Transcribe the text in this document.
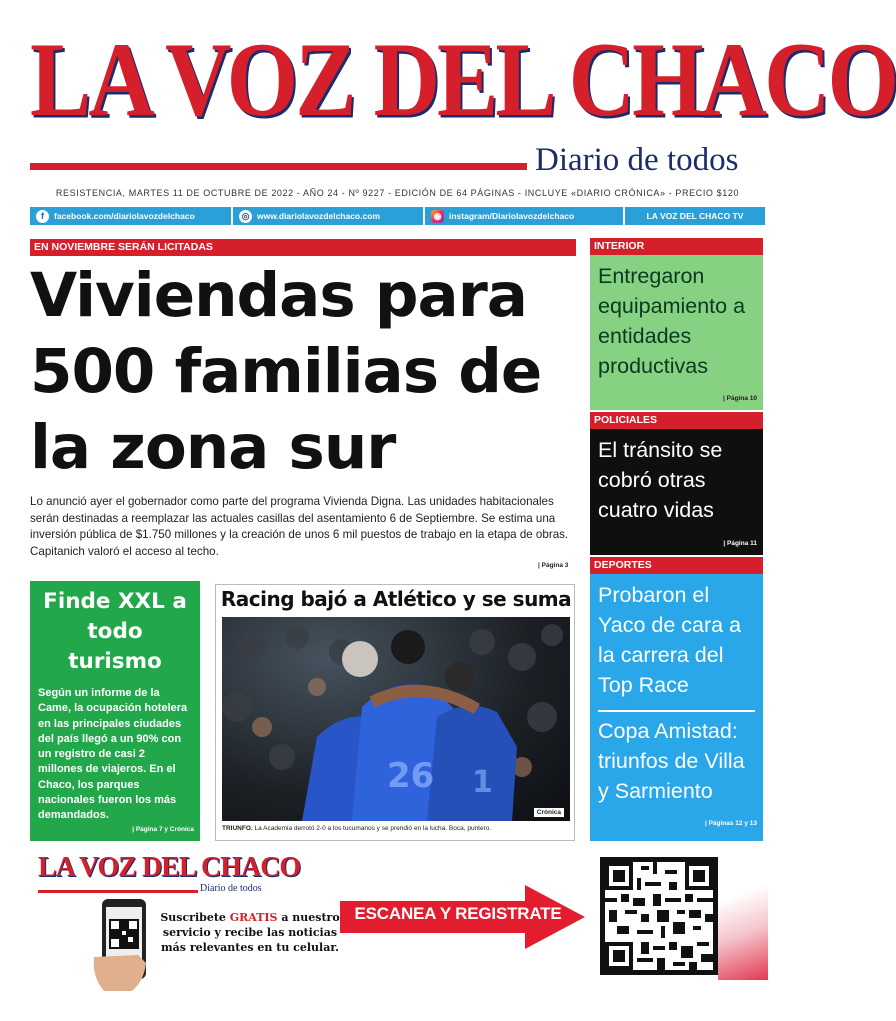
LA VOZ DEL CHACO
Diario de todos
RESISTENCIA, MARTES 11 DE OCTUBRE DE 2022 - AÑO 24 - Nº 9227 - EDICIÓN DE 64 PÁGINAS - INCLUYE «DIARIO CRÓNICA» - PRECIO $120
f	facebook.com/diariolavozdelchaco	◎ www.diariolavozdelchaco.com	◉ instagram/Diariolavozdelchaco	LA VOZ DEL CHACO TV
EN NOVIEMBRE SERÁN LICITADAS
Viviendas para
500 familias de
la zona sur

Lo anunció ayer el gobernador como parte del programa Vivienda Digna. Las unidades habitacionales serán destinadas a reemplazar las actuales casillas del asentamiento 6 de Septiembre. Se estima una inversión pública de $1.750 millones y la creación de unos 6 mil puestos de trabajo en la etapa de obras. Capitanich valoró el acceso al techo.

| Página 3
Finde XXL a todo turismo

Según un informe de la Came, la ocupación hotelera en las principales ciudades del país llegó a un 90% con un registro de casi 2 millones de viajeros. En el Chaco, los parques nacionales fueron los más demandados.

| Página 7 y Crónica
Racing bajó a Atlético y se suma
26 1
Crónica
TRIUNFO. La Academia derrotó 2-0 a los tucumanos y se prendió en la lucha. Boca, puntero.
INTERIOR
Entregaron equipamiento a entidades productivas
| Página 10
POLICIALES
El tránsito se cobró otras cuatro vidas
| Página 11
DEPORTES
Probaron el Yaco de cara a la carrera del Top Race
Copa Amistad: triunfos de Villa y Sarmiento
| Páginas 12 y 13
LA VOZ DEL CHACO
Diario de todos
Suscribete GRATIS a nuestro servicio y recibe las noticias más relevantes en tu celular.
ESCANEA Y REGISTRATE
